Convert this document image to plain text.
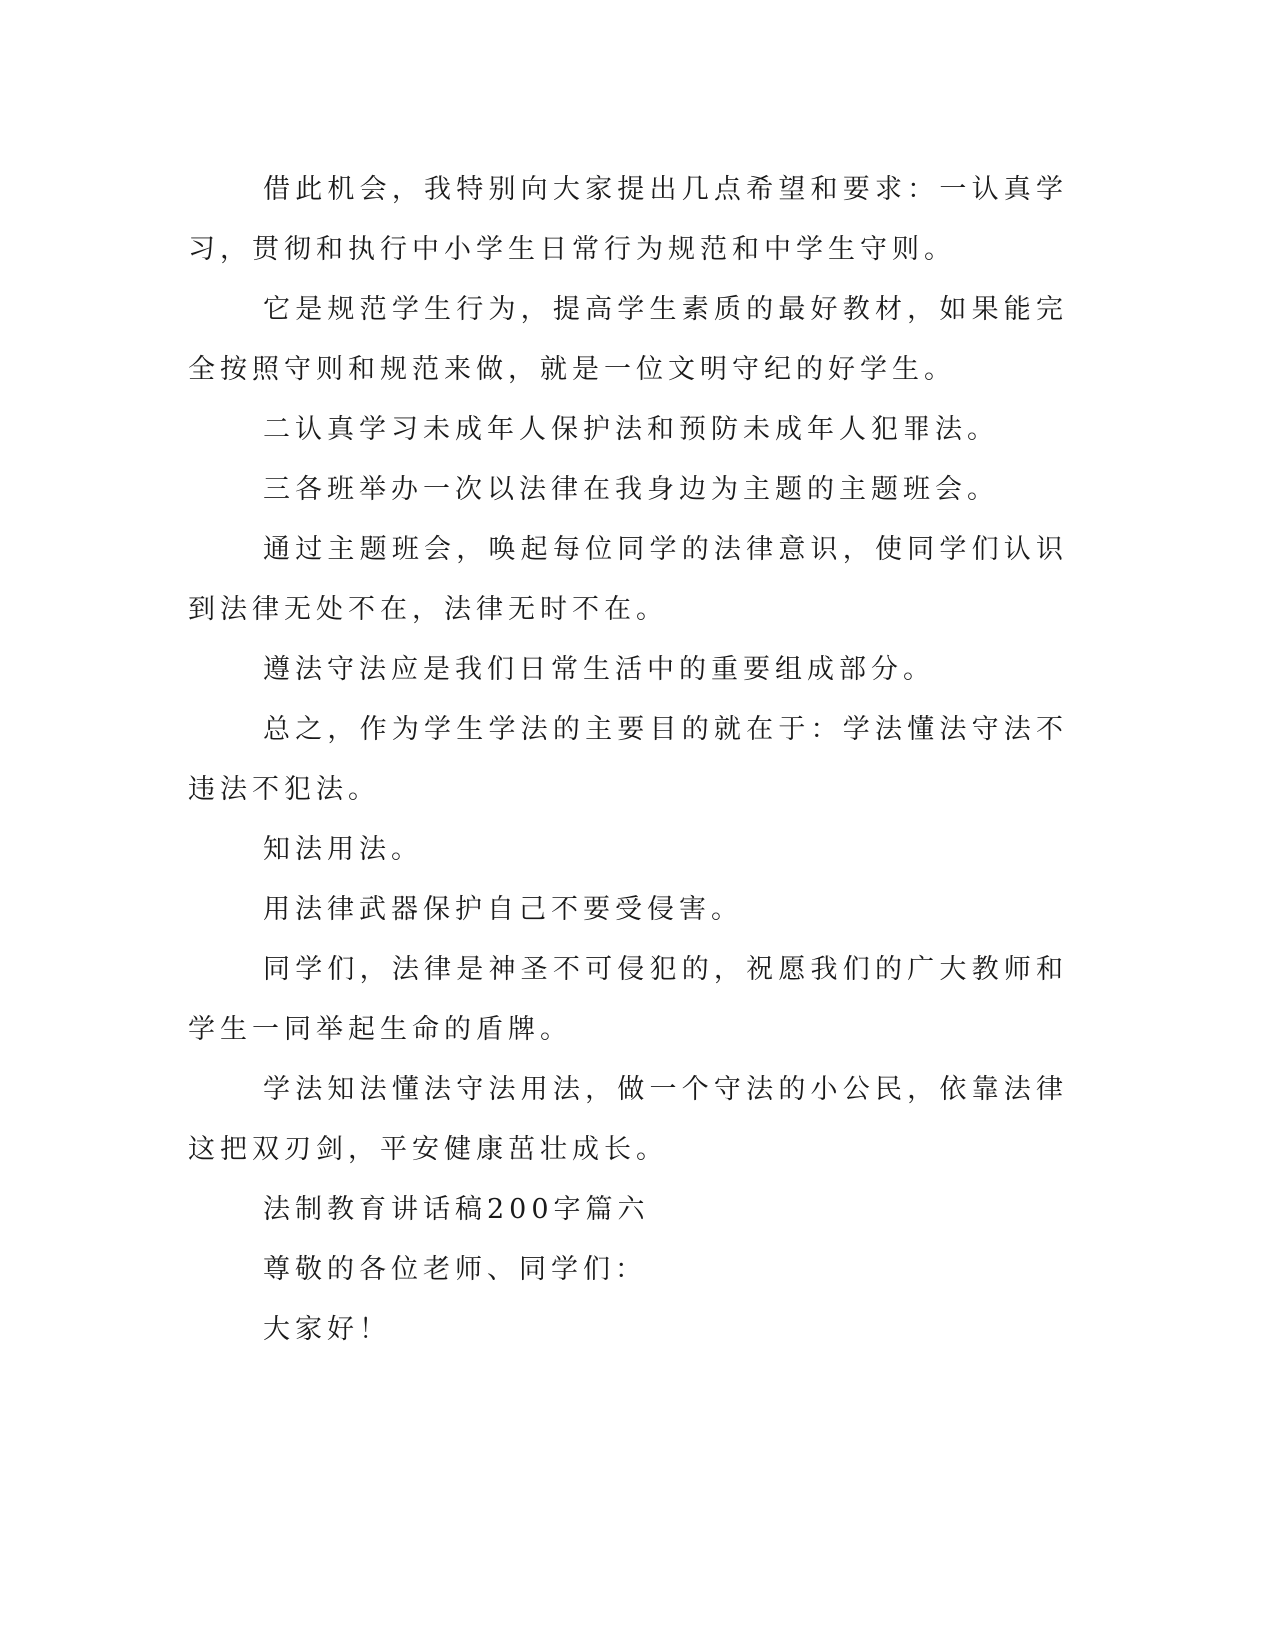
借此机会，我特别向大家提出几点希望和要求：一认真学习，贯彻和执行中小学生日常行为规范和中学生守则。

它是规范学生行为，提高学生素质的最好教材，如果能完全按照守则和规范来做，就是一位文明守纪的好学生。

二认真学习未成年人保护法和预防未成年人犯罪法。

三各班举办一次以法律在我身边为主题的主题班会。

通过主题班会，唤起每位同学的法律意识，使同学们认识到法律无处不在，法律无时不在。

遵法守法应是我们日常生活中的重要组成部分。

总之，作为学生学法的主要目的就在于：学法懂法守法不违法不犯法。

知法用法。

用法律武器保护自己不要受侵害。

同学们，法律是神圣不可侵犯的，祝愿我们的广大教师和学生一同举起生命的盾牌。

学法知法懂法守法用法，做一个守法的小公民，依靠法律这把双刃剑，平安健康茁壮成长。

法制教育讲话稿200字篇六

尊敬的各位老师、同学们：

大家好！
